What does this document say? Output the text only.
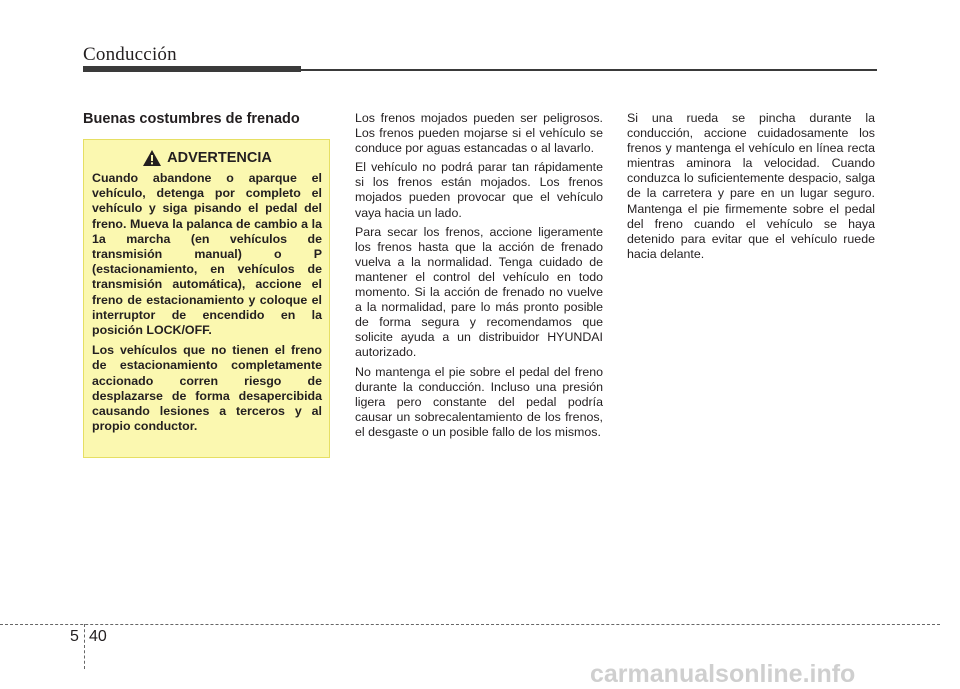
Conducción
Buenas costumbres de frenado
ADVERTENCIA

Cuando abandone o aparque el vehículo, detenga por completo el vehículo y siga pisando el pedal del freno. Mueva la palanca de cambio a la 1a marcha (en vehículos de transmisión manual) o P (estacionamiento, en vehículos de transmisión automática), accione el freno de estacionamiento y coloque el interruptor de encendido en la posición LOCK/OFF.

Los vehículos que no tienen el freno de estacionamiento completamente accionado corren riesgo de desplazarse de forma desapercibida causando lesiones a terceros y al propio conductor.

Los frenos mojados pueden ser peligrosos. Los frenos pueden mojarse si el vehículo se conduce por aguas estancadas o al lavarlo.

El vehículo no podrá parar tan rápidamente si los frenos están mojados. Los frenos mojados pueden provocar que el vehículo vaya hacia un lado.

Para secar los frenos, accione ligeramente los frenos hasta que la acción de frenado vuelva a la normalidad. Tenga cuidado de mantener el control del vehículo en todo momento. Si la acción de frenado no vuelve a la normalidad, pare lo más pronto posible de forma segura y recomendamos que solicite ayuda a un distribuidor HYUNDAI autorizado.

No mantenga el pie sobre el pedal del freno durante la conducción. Incluso una presión ligera pero constante del pedal podría causar un sobrecalentamiento de los frenos, el desgaste o un posible fallo de los mismos.

Si una rueda se pincha durante la conducción, accione cuidadosamente los frenos y mantenga el vehículo en línea recta mientras aminora la velocidad. Cuando conduzca lo suficientemente despacio, salga de la carretera y pare en un lugar seguro. Mantenga el pie firmemente sobre el pedal del freno cuando el vehículo se haya detenido para evitar que el vehículo ruede hacia delante.

5 40
carmanualsonline.info
